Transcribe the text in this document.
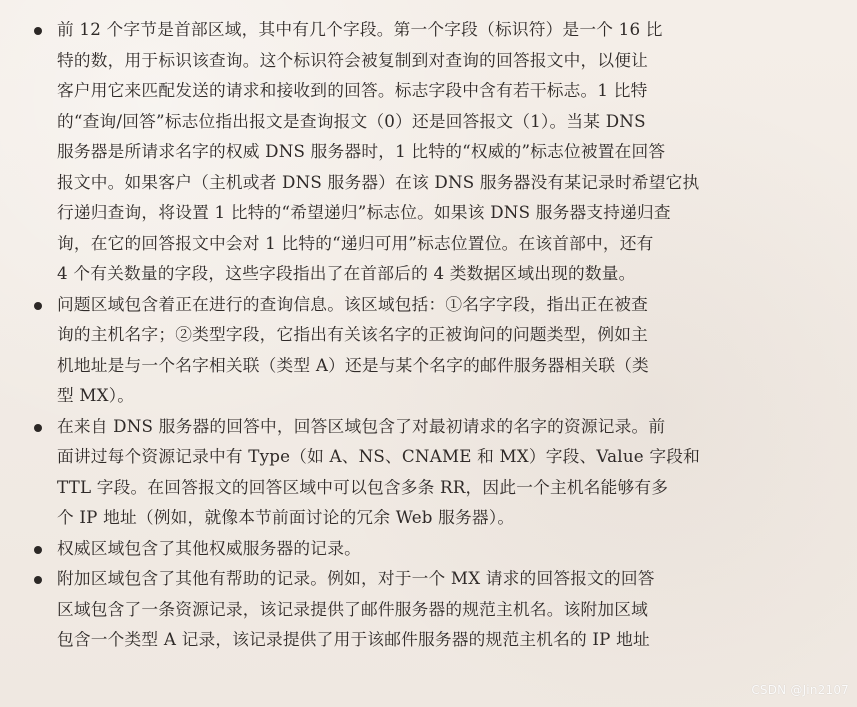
前 12 个字节是首部区域，其中有几个字段。第一个字段（标识符）是一个 16 比
特的数，用于标识该查询。这个标识符会被复制到对查询的回答报文中，以便让
客户用它来匹配发送的请求和接收到的回答。标志字段中含有若干标志。1 比特
的“查询/回答”标志位指出报文是查询报文（0）还是回答报文（1）。当某 DNS
服务器是所请求名字的权威 DNS 服务器时，1 比特的“权威的”标志位被置在回答
报文中。如果客户（主机或者 DNS 服务器）在该 DNS 服务器没有某记录时希望它执
行递归查询，将设置 1 比特的“希望递归”标志位。如果该 DNS 服务器支持递归查
询，在它的回答报文中会对 1 比特的“递归可用”标志位置位。在该首部中，还有
4 个有关数量的字段，这些字段指出了在首部后的 4 类数据区域出现的数量。
问题区域包含着正在进行的查询信息。该区域包括：①名字字段，指出正在被查
询的主机名字；②类型字段，它指出有关该名字的正被询问的问题类型，例如主
机地址是与一个名字相关联（类型 A）还是与某个名字的邮件服务器相关联（类
型 MX）。
在来自 DNS 服务器的回答中，回答区域包含了对最初请求的名字的资源记录。前
面讲过每个资源记录中有 Type（如 A、NS、CNAME 和 MX）字段、Value 字段和
TTL 字段。在回答报文的回答区域中可以包含多条 RR，因此一个主机名能够有多
个 IP 地址（例如，就像本节前面讨论的冗余 Web 服务器）。
权威区域包含了其他权威服务器的记录。
附加区域包含了其他有帮助的记录。例如，对于一个 MX 请求的回答报文的回答
区域包含了一条资源记录，该记录提供了邮件服务器的规范主机名。该附加区域
包含一个类型 A 记录，该记录提供了用于该邮件服务器的规范主机名的 IP 地址
CSDN @Jin2107
